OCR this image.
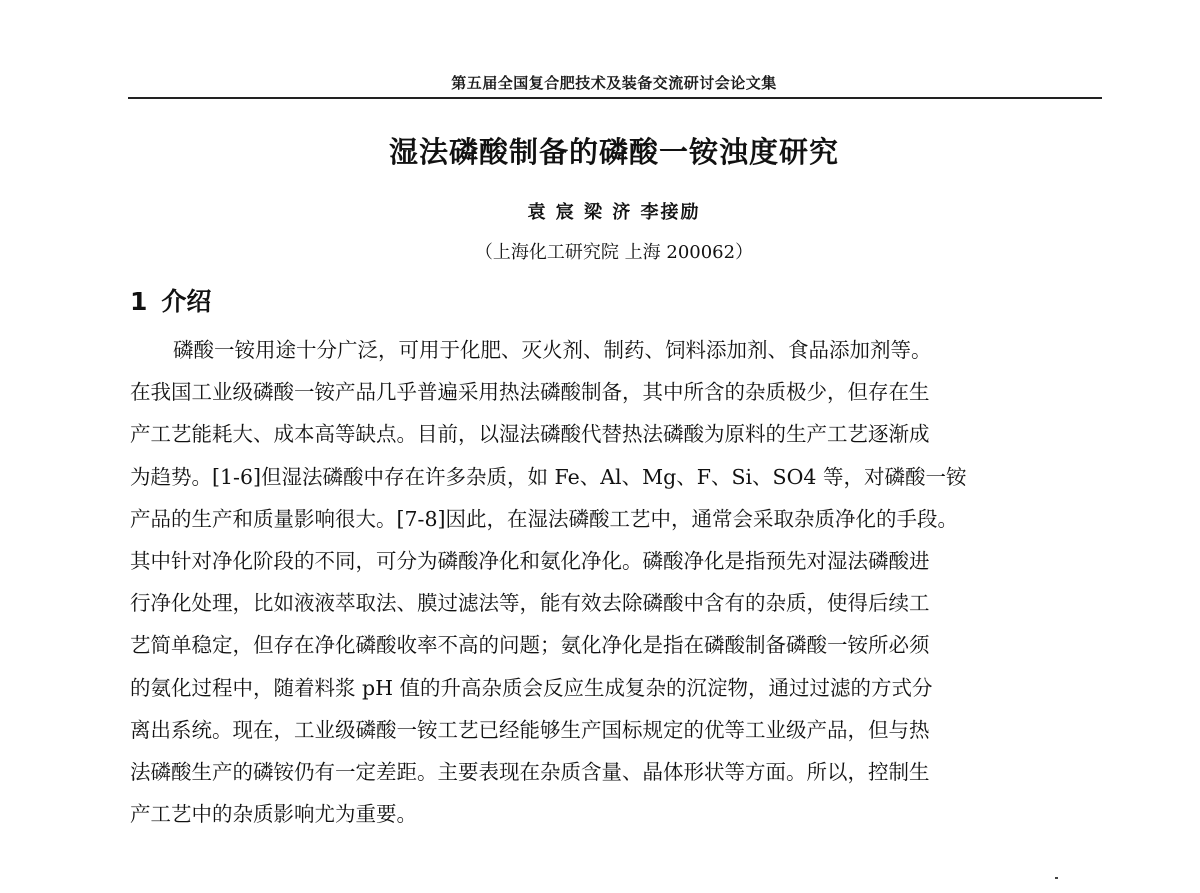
第五届全国复合肥技术及装备交流研讨会论文集
湿法磷酸制备的磷酸一铵浊度研究
袁 宸 梁 济 李接励
（上海化工研究院 上海 200062）
1 介绍
磷酸一铵用途十分广泛，可用于化肥、灭火剂、制药、饲料添加剂、食品添加剂等。
在我国工业级磷酸一铵产品几乎普遍采用热法磷酸制备，其中所含的杂质极少，但存在生
产工艺能耗大、成本高等缺点。目前，以湿法磷酸代替热法磷酸为原料的生产工艺逐渐成
为趋势。[1-6]但湿法磷酸中存在许多杂质，如 Fe、Al、Mg、F、Si、SO4 等，对磷酸一铵
产品的生产和质量影响很大。[7-8]因此，在湿法磷酸工艺中，通常会采取杂质净化的手段。
其中针对净化阶段的不同，可分为磷酸净化和氨化净化。磷酸净化是指预先对湿法磷酸进
行净化处理，比如液液萃取法、膜过滤法等，能有效去除磷酸中含有的杂质，使得后续工
艺简单稳定，但存在净化磷酸收率不高的问题；氨化净化是指在磷酸制备磷酸一铵所必须
的氨化过程中，随着料浆 pH 值的升高杂质会反应生成复杂的沉淀物，通过过滤的方式分
离出系统。现在，工业级磷酸一铵工艺已经能够生产国标规定的优等工业级产品，但与热
法磷酸生产的磷铵仍有一定差距。主要表现在杂质含量、晶体形状等方面。所以，控制生
产工艺中的杂质影响尤为重要。
